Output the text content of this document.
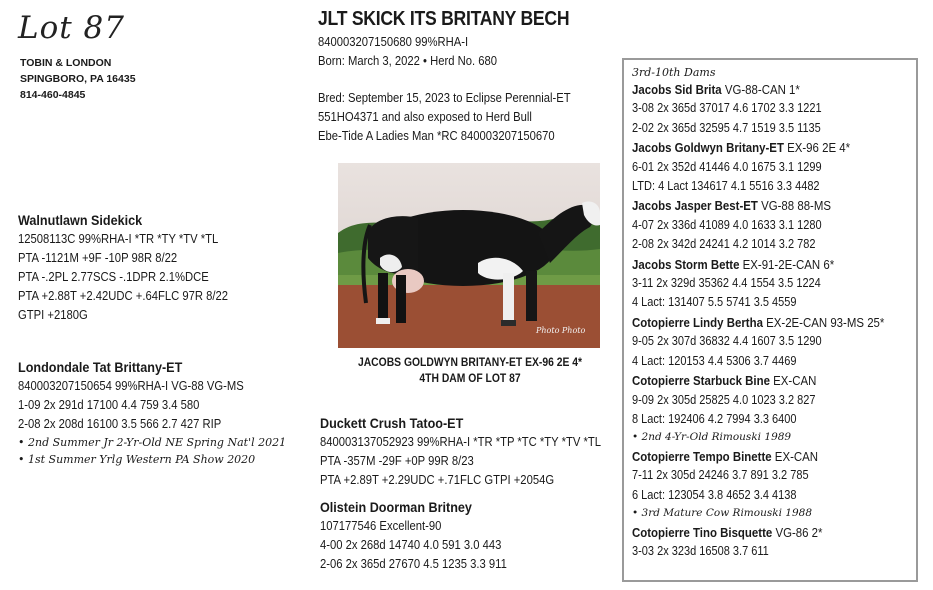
Lot 87
TOBIN & LONDON
SPINGBORO, PA 16435
814-460-4845
JLT SKICK ITS BRITANY BECH
840003207150680 99%RHA-I
Born: March 3, 2022 • Herd No. 680
Bred: September 15, 2023 to Eclipse Perennial-ET
551HO4371 and also exposed to Herd Bull
Ebe-Tide A Ladies Man *RC 840003207150670
Photo Photo
JACOBS GOLDWYN BRITANY-ET EX-96 2E 4*
4TH DAM OF LOT 87
Walnutlawn Sidekick
12508113C 99%RHA-I *TR *TY *TV *TL
PTA -1121M +9F -10P 98R 8/22
PTA -.2PL 2.77SCS -.1DPR 2.1%DCE
PTA +2.88T +2.42UDC +.64FLC 97R 8/22
GTPI +2180G
Londondale Tat Brittany-ET
840003207150654 99%RHA-I VG-88 VG-MS
1-09 2x 291d 17100 4.4 759 3.4 580
2-08 2x 208d 16100 3.5 566 2.7 427 RIP
• 2nd Summer Jr 2-Yr-Old NE Spring Nat'l 2021
• 1st Summer Yrlg Western PA Show 2020
Duckett Crush Tatoo-ET
840003137052923 99%RHA-I *TR *TP *TC *TY *TV *TL
PTA -357M -29F +0P 99R 8/23
PTA +2.89T +2.29UDC +.71FLC GTPI +2054G
Olistein Doorman Britney
107177546 Excellent-90
4-00 2x 268d 14740 4.0 591 3.0 443
2-06 2x 365d 27670 4.5 1235 3.3 911
3rd-10th Dams
Jacobs Sid Brita VG-88-CAN 1*
3-08 2x 365d 37017 4.6 1702 3.3 1221
2-02 2x 365d 32595 4.7 1519 3.5 1135
Jacobs Goldwyn Britany-ET EX-96 2E 4*
6-01 2x 352d 41446 4.0 1675 3.1 1299
LTD: 4 Lact 134617 4.1 5516 3.3 4482
Jacobs Jasper Best-ET VG-88 88-MS
4-07 2x 336d 41089 4.0 1633 3.1 1280
2-08 2x 342d 24241 4.2 1014 3.2 782
Jacobs Storm Bette EX-91-2E-CAN 6*
3-11 2x 329d 35362 4.4 1554 3.5 1224
4 Lact: 131407 5.5 5741 3.5 4559
Cotopierre Lindy Bertha EX-2E-CAN 93-MS 25*
9-05 2x 307d 36832 4.4 1607 3.5 1290
4 Lact: 120153 4.4 5306 3.7 4469
Cotopierre Starbuck Bine EX-CAN
9-09 2x 305d 25825 4.0 1023 3.2 827
8 Lact: 192406 4.2 7994 3.3 6400
• 2nd 4-Yr-Old Rimouski 1989
Cotopierre Tempo Binette EX-CAN
7-11 2x 305d 24246 3.7 891 3.2 785
6 Lact: 123054 3.8 4652 3.4 4138
• 3rd Mature Cow Rimouski 1988
Cotopierre Tino Bisquette VG-86 2*
3-03 2x 323d 16508 3.7 611
